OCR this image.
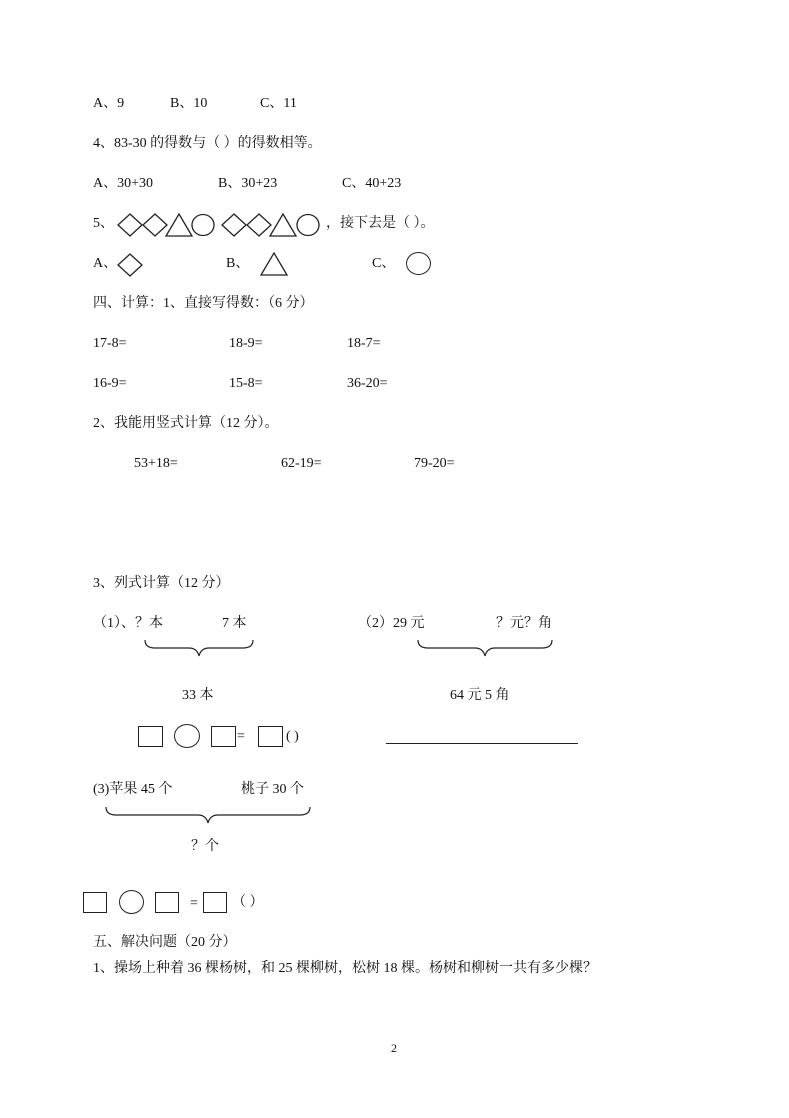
A、9	B、10	C、11
4、83-30 的得数与（ ）的得数相等。
A、30+30	B、30+23	C、40+23
5、	，接下去是（ ）。
A、	B、	C、
四、计算：1、直接写得数：（6 分）
17-8=	18-9=	18-7=
16-9=	15-8=	36-20=
2、我能用竖式计算（12 分）。
53+18=	62-19=	79-20=
3、列式计算（12 分）
（1）、？本	7 本
33 本
（2）29 元	？元？角
64 元 5 角
=	( )
(3)苹果 45 个	桃子 30 个
？个
= （ ）
五、解决问题（20 分）
1、操场上种着 36 棵杨树，和 25 棵柳树，松树 18 棵。杨树和柳树一共有多少棵？
2
